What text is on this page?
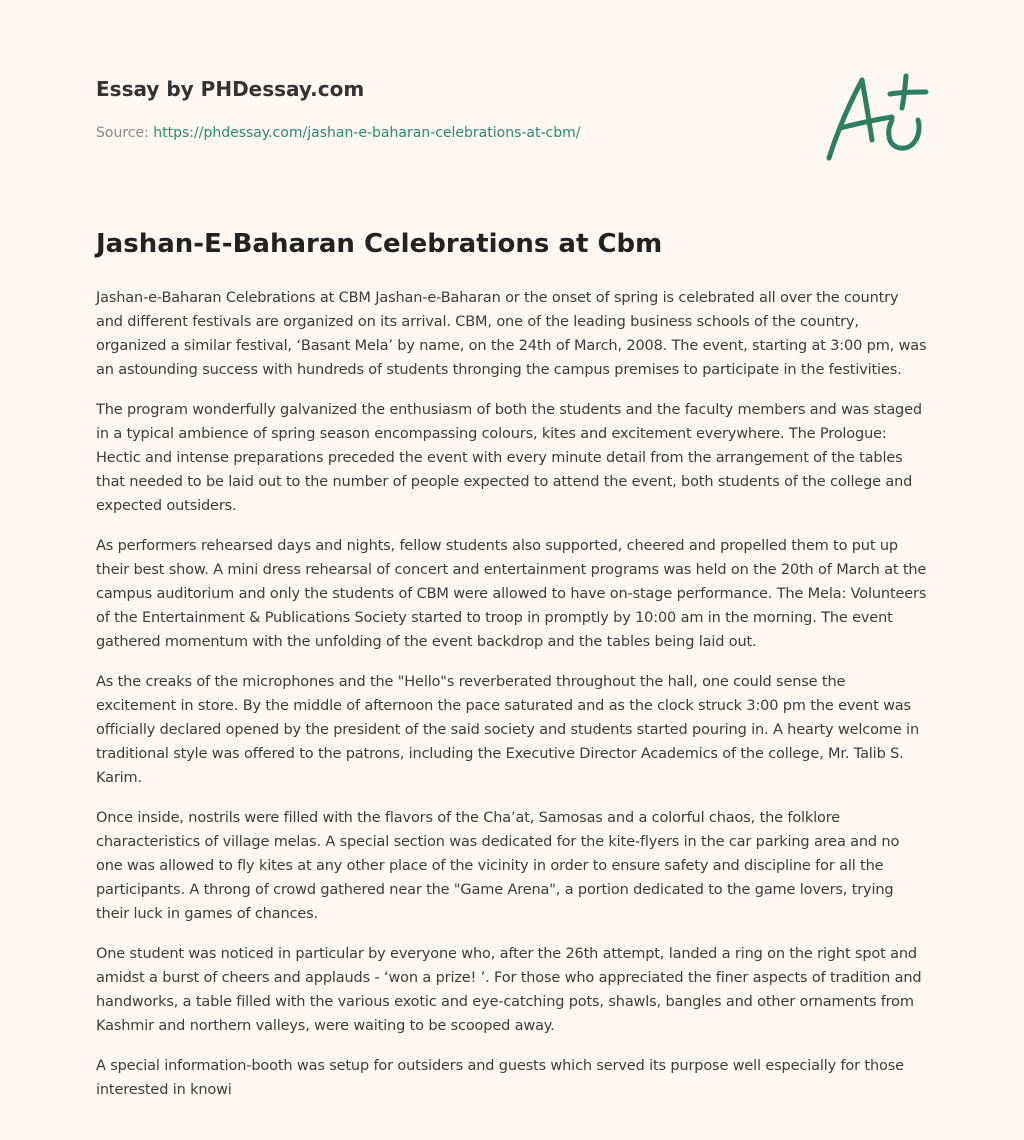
Essay by PHDessay.com
Source: https://phdessay.com/jashan-e-baharan-celebrations-at-cbm/
Jashan-E-Baharan Celebrations at Cbm

Jashan-e-Baharan Celebrations at CBM Jashan-e-Baharan or the onset of spring is celebrated all over the country and different festivals are organized on its arrival. CBM, one of the leading business schools of the country, organized a similar festival, ‘Basant Mela’ by name, on the 24th of March, 2008. The event, starting at 3:00 pm, was an astounding success with hundreds of students thronging the campus premises to participate in the festivities.

The program wonderfully galvanized the enthusiasm of both the students and the faculty members and was staged in a typical ambience of spring season encompassing colours, kites and excitement everywhere. The Prologue: Hectic and intense preparations preceded the event with every minute detail from the arrangement of the tables that needed to be laid out to the number of people expected to attend the event, both students of the college and expected outsiders.

As performers rehearsed days and nights, fellow students also supported, cheered and propelled them to put up their best show. A mini dress rehearsal of concert and entertainment programs was held on the 20th of March at the campus auditorium and only the students of CBM were allowed to have on-stage performance. The Mela: Volunteers of the Entertainment & Publications Society started to troop in promptly by 10:00 am in the morning. The event gathered momentum with the unfolding of the event backdrop and the tables being laid out.

As the creaks of the microphones and the "Hello"s reverberated throughout the hall, one could sense the excitement in store. By the middle of afternoon the pace saturated and as the clock struck 3:00 pm the event was officially declared opened by the president of the said society and students started pouring in. A hearty welcome in traditional style was offered to the patrons, including the Executive Director Academics of the college, Mr. Talib S. Karim.

Once inside, nostrils were filled with the flavors of the Cha’at, Samosas and a colorful chaos, the folklore characteristics of village melas. A special section was dedicated for the kite-flyers in the car parking area and no one was allowed to fly kites at any other place of the vicinity in order to ensure safety and discipline for all the participants. A throng of crowd gathered near the "Game Arena", a portion dedicated to the game lovers, trying their luck in games of chances.

One student was noticed in particular by everyone who, after the 26th attempt, landed a ring on the right spot and amidst a burst of cheers and applauds - ‘won a prize! ’. For those who appreciated the finer aspects of tradition and handworks, a table filled with the various exotic and eye-catching pots, shawls, bangles and other ornaments from Kashmir and northern valleys, were waiting to be scooped away.

A special information-booth was setup for outsiders and guests which served its purpose well especially for those interested in knowi
